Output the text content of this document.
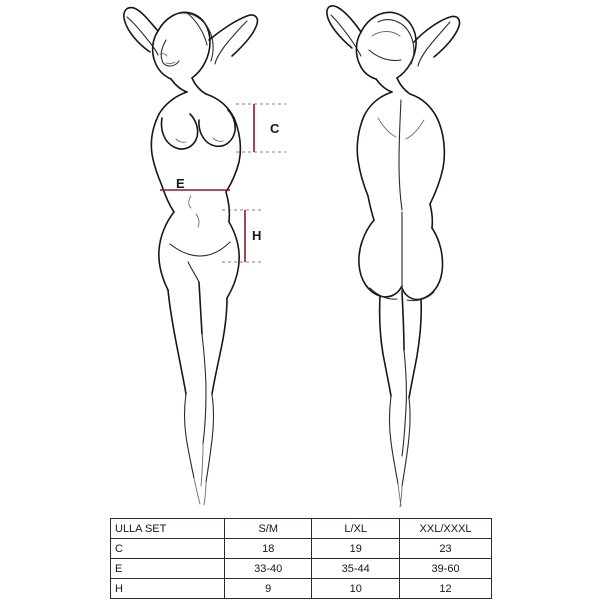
C
E
H
ULLA SET	S/M	L/XL	XXL/XXXL
C	18	19	23
E	33-40	35-44	39-60
H	9	10	12
